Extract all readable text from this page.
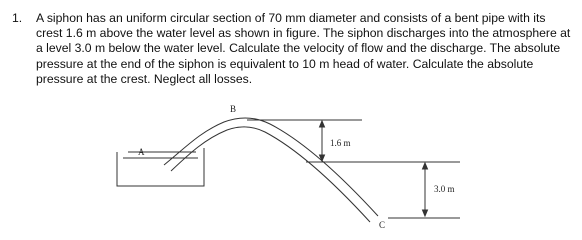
1. A siphon has an uniform circular section of 70 mm diameter and consists of a bent pipe with its crest 1.6 m above the water level as shown in figure. The siphon discharges into the atmosphere at a level 3.0 m below the water level. Calculate the velocity of flow and the discharge. The absolute pressure at the end of the siphon is equivalent to 10 m head of water. Calculate the absolute pressure at the crest. Neglect all losses.
B
A
C
1.6 m
3.0 m
